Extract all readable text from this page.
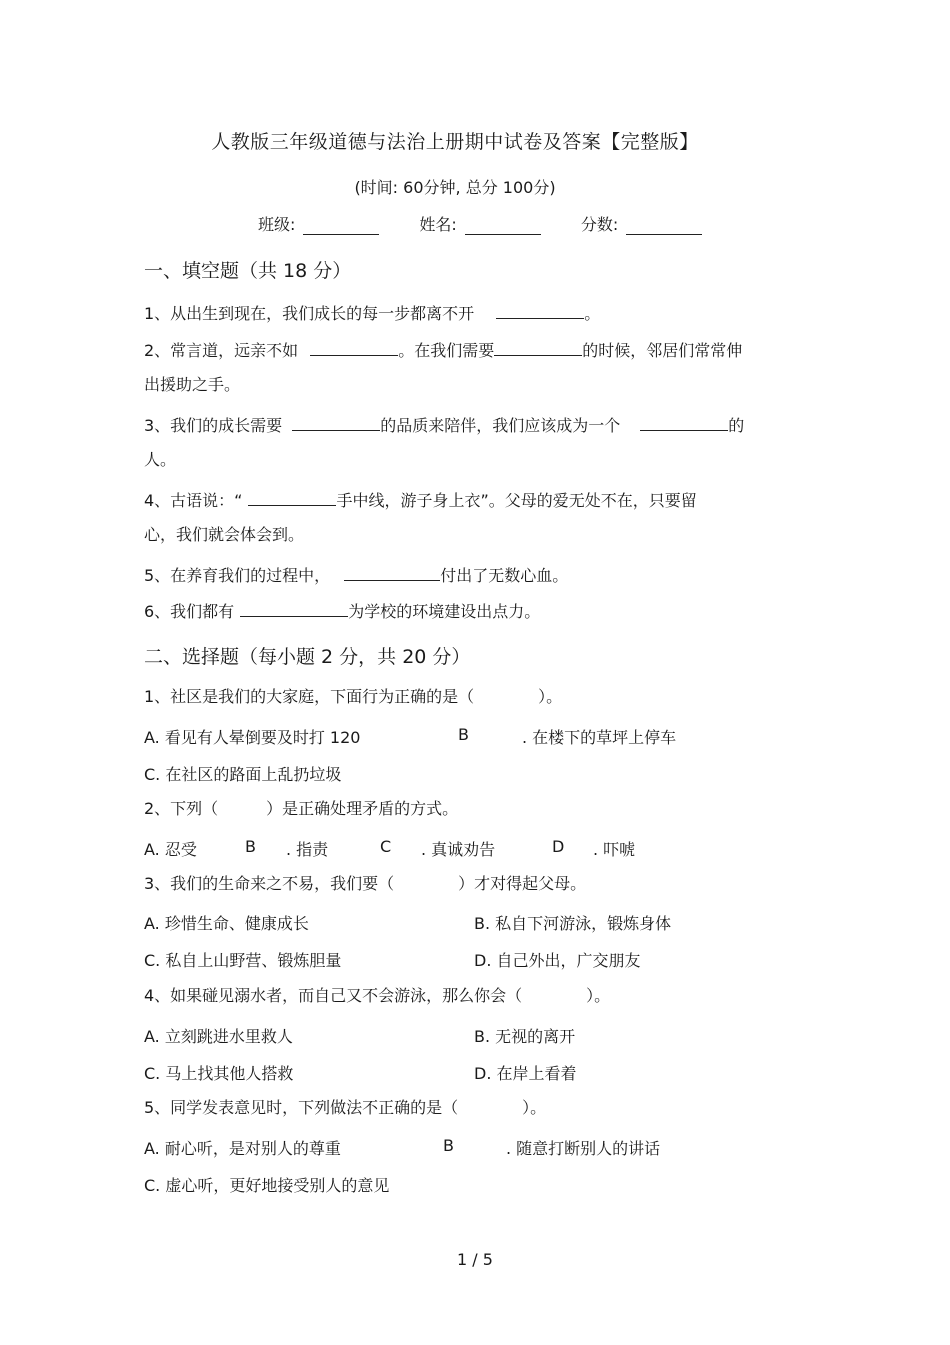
人教版三年级道德与法治上册期中试卷及答案【完整版】
(时间: 60分钟, 总分 100分)
班级:	姓名:	分数:
一、填空题（共 18 分）
1、从出生到现在，我们成长的每一步都离不开	。
2、常言道，远亲不如	。在我们需要	的时候，邻居们常常伸
出援助之手。
3、我们的成长需要	的品质来陪伴，我们应该成为一个	的
人。
4、古语说：“	手中线，游子身上衣”。父母的爱无处不在，只要留
心，我们就会体会到。
5、在养育我们的过程中，	付出了无数心血。
6、我们都有	为学校的环境建设出点力。
二、选择题（每小题 2 分，共 20 分）
1、社区是我们的大家庭，下面行为正确的是（　　　　）。
A. 看见有人晕倒要及时打 120	B	. 在楼下的草坪上停车
C. 在社区的路面上乱扔垃圾
2、下列（　　　）是正确处理矛盾的方式。
A. 忍受	B . 指责	C . 真诚劝告	D . 吓唬
3、我们的生命来之不易，我们要（　　　　）才对得起父母。
A. 珍惜生命、健康成长	B. 私自下河游泳，锻炼身体
C. 私自上山野营、锻炼胆量	D. 自己外出，广交朋友
4、如果碰见溺水者，而自己又不会游泳，那么你会（　　　　）。
A. 立刻跳进水里救人	B. 无视的离开
C. 马上找其他人搭救	D. 在岸上看着
5、同学发表意见时，下列做法不正确的是（　　　　）。
A. 耐心听，是对别人的尊重	B	. 随意打断别人的讲话
C. 虚心听，更好地接受别人的意见
1 / 5
